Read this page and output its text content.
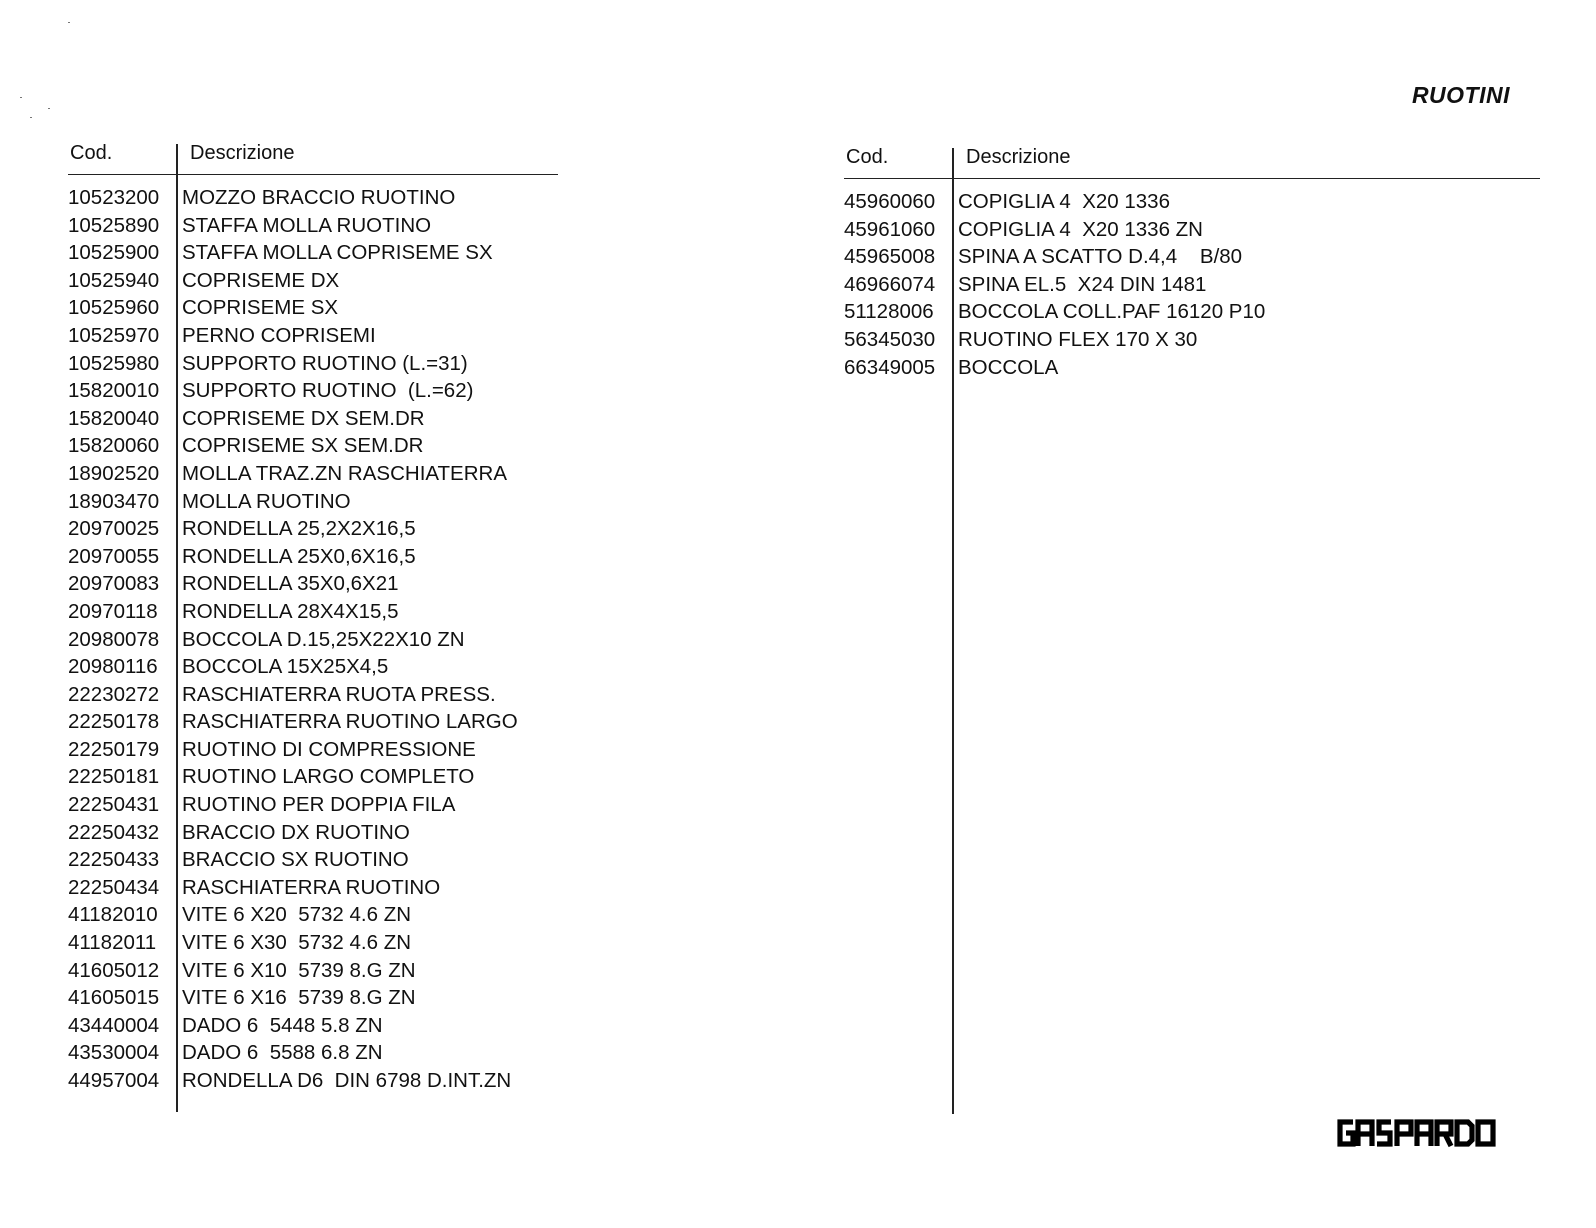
RUOTINI
Cod.	Descrizione
10523200	MOZZO BRACCIO RUOTINO
10525890	STAFFA MOLLA RUOTINO
10525900	STAFFA MOLLA COPRISEME SX
10525940	COPRISEME DX
10525960	COPRISEME SX
10525970	PERNO COPRISEMI
10525980	SUPPORTO RUOTINO (L.=31)
15820010	SUPPORTO RUOTINO  (L.=62)
15820040	COPRISEME DX SEM.DR
15820060	COPRISEME SX SEM.DR
18902520	MOLLA TRAZ.ZN RASCHIATERRA
18903470	MOLLA RUOTINO
20970025	RONDELLA 25,2X2X16,5
20970055	RONDELLA 25X0,6X16,5
20970083	RONDELLA 35X0,6X21
20970118	RONDELLA 28X4X15,5
20980078	BOCCOLA D.15,25X22X10 ZN
20980116	BOCCOLA 15X25X4,5
22230272	RASCHIATERRA RUOTA PRESS.
22250178	RASCHIATERRA RUOTINO LARGO
22250179	RUOTINO DI COMPRESSIONE
22250181	RUOTINO LARGO COMPLETO
22250431	RUOTINO PER DOPPIA FILA
22250432	BRACCIO DX RUOTINO
22250433	BRACCIO SX RUOTINO
22250434	RASCHIATERRA RUOTINO
41182010	VITE 6 X20  5732 4.6 ZN
41182011	VITE 6 X30  5732 4.6 ZN
41605012	VITE 6 X10  5739 8.G ZN
41605015	VITE 6 X16  5739 8.G ZN
43440004	DADO 6  5448 5.8 ZN
43530004	DADO 6  5588 6.8 ZN
44957004	RONDELLA D6  DIN 6798 D.INT.ZN
Cod.	Descrizione
45960060	COPIGLIA 4  X20 1336
45961060	COPIGLIA 4  X20 1336 ZN
45965008	SPINA A SCATTO D.4,4    B/80
46966074	SPINA EL.5  X24 DIN 1481
51128006	BOCCOLA COLL.PAF 16120 P10
56345030	RUOTINO FLEX 170 X 30
66349005	BOCCOLA
